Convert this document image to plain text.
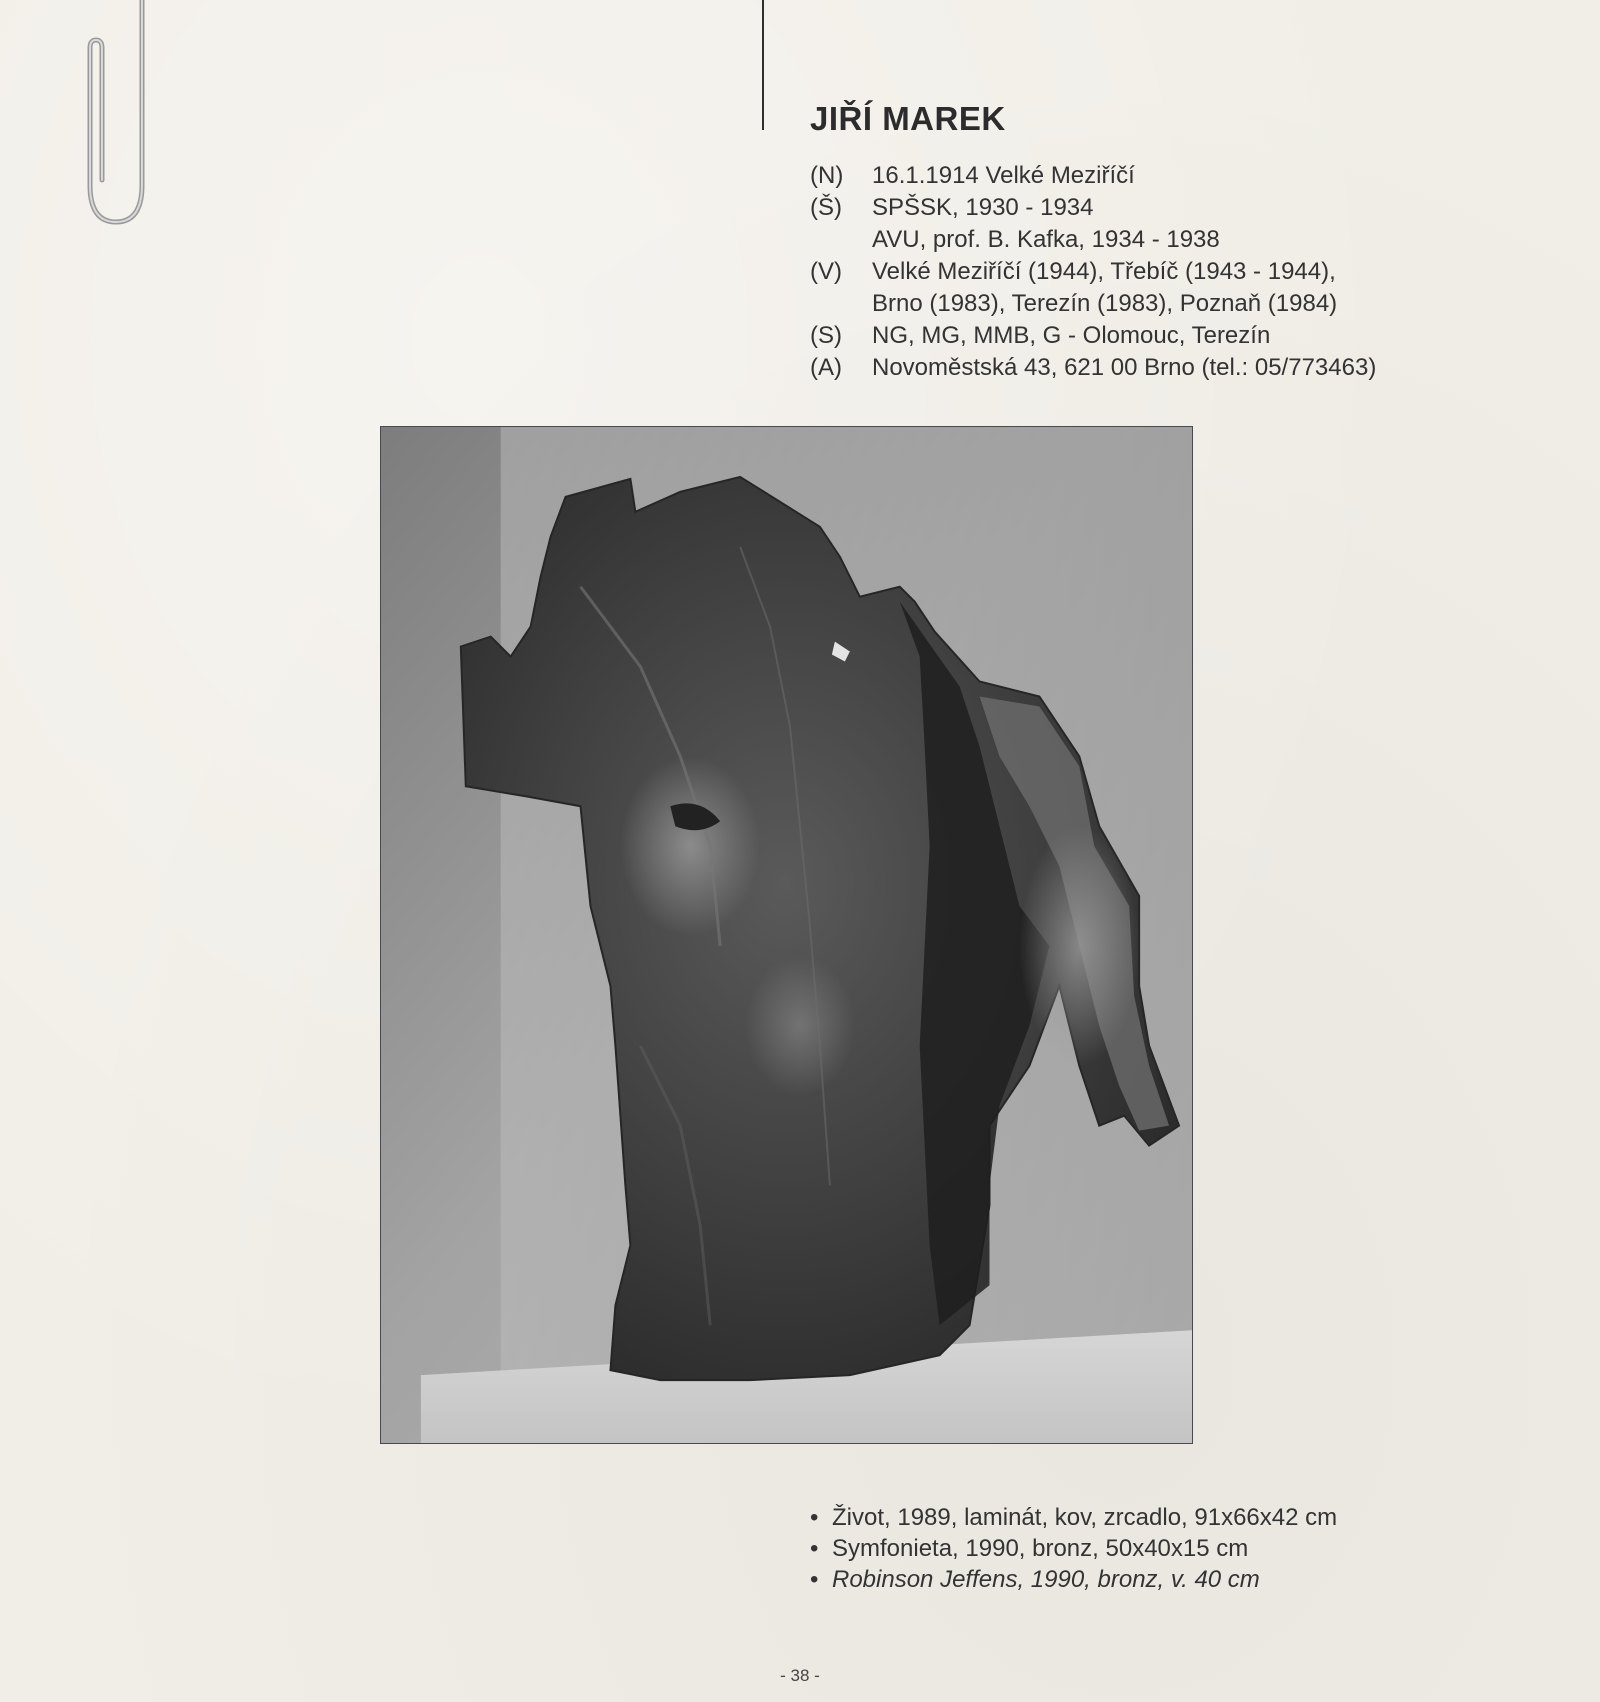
JIŘÍ MAREK
(N)	16.1.1914 Velké Meziříčí
(Š)	SPŠSK, 1930 - 1934
AVU, prof. B. Kafka, 1934 - 1938
(V)	Velké Meziříčí (1944), Třebíč (1943 - 1944),
Brno (1983), Terezín (1983), Poznaň (1984)
(S)	NG, MG, MMB, G - Olomouc, Terezín
(A)	Novoměstská 43, 621 00 Brno (tel.: 05/773463)
• Život, 1989, laminát, kov, zrcadlo, 91x66x42 cm
• Symfonieta, 1990, bronz, 50x40x15 cm
• Robinson Jeffens, 1990, bronz, v. 40 cm
- 38 -
